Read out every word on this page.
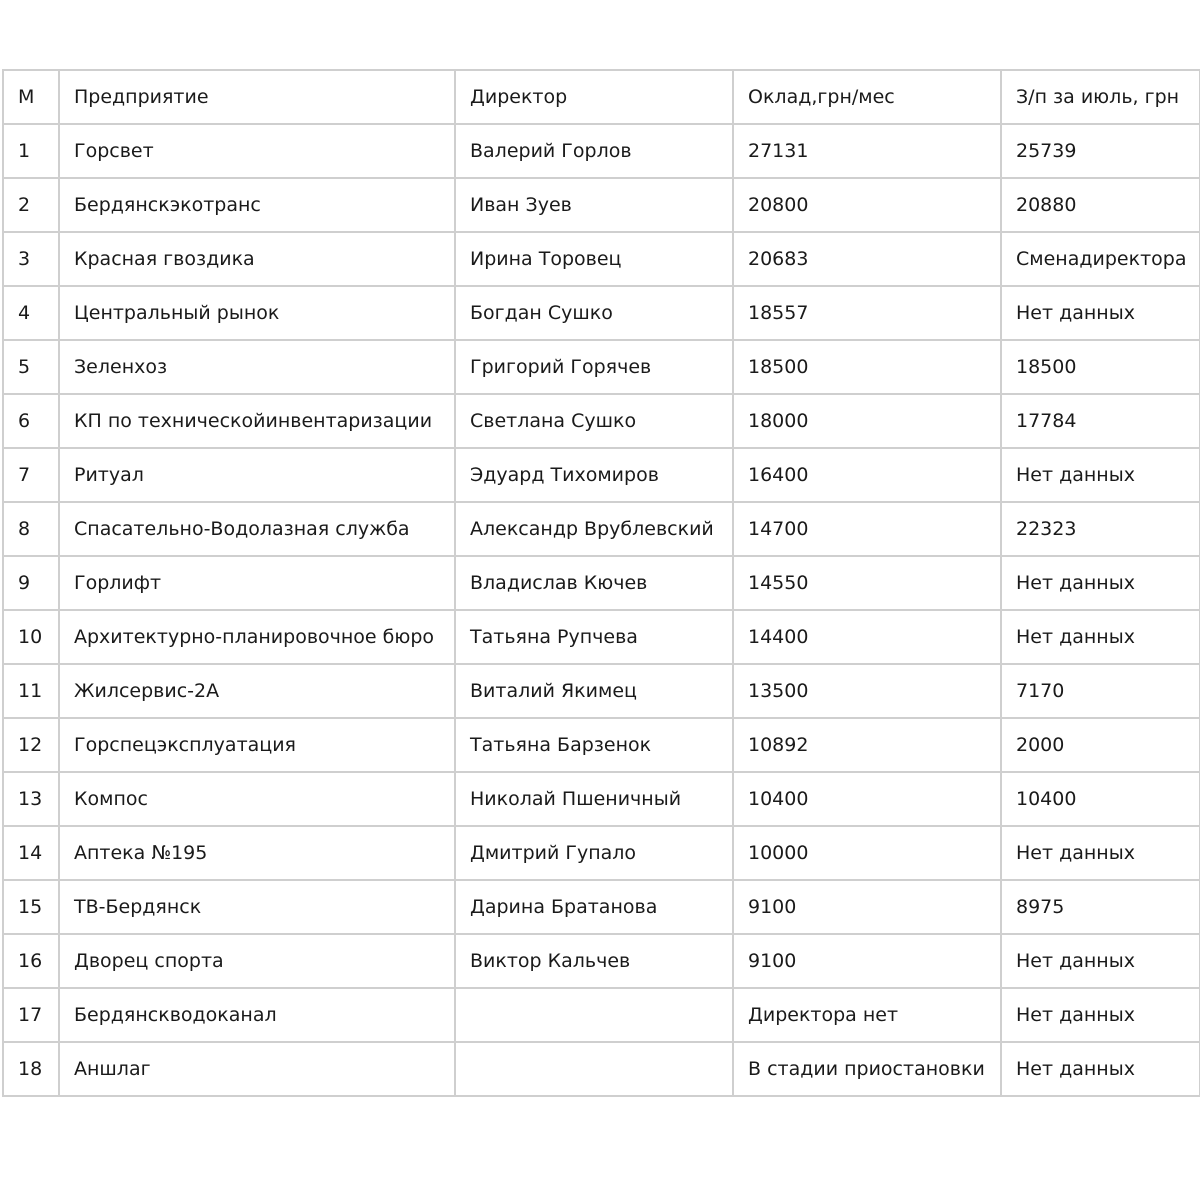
М	Предприятие	Директор	Оклад,грн/мес	З/п за июль, грн
1	Горсвет	Валерий Горлов	27131	25739
2	Бердянскэкотранс	Иван Зуев	20800	20880
3	Красная гвоздика	Ирина Торовец	20683	Сменадиректора
4	Центральный рынок	Богдан Сушко	18557	Нет данных
5	Зеленхоз	Григорий Горячев	18500	18500
6	КП по техническойинвентаризации	Светлана Сушко	18000	17784
7	Ритуал	Эдуард Тихомиров	16400	Нет данных
8	Спасательно-Водолазная служба	Александр Врублевский	14700	22323
9	Горлифт	Владислав Кючев	14550	Нет данных
10	Архитектурно-планировочное бюро	Татьяна Рупчева	14400	Нет данных
11	Жилсервис-2А	Виталий Якимец	13500	7170
12	Горспецэксплуатация	Татьяна Барзенок	10892	2000
13	Компос	Николай Пшеничный	10400	10400
14	Аптека №195	Дмитрий Гупало	10000	Нет данных
15	ТВ-Бердянск	Дарина Братанова	9100	8975
16	Дворец спорта	Виктор Кальчев	9100	Нет данных
17	Бердянскводоканал		Директора нет	Нет данных
18	Аншлаг		В стадии приостановки	Нет данных
